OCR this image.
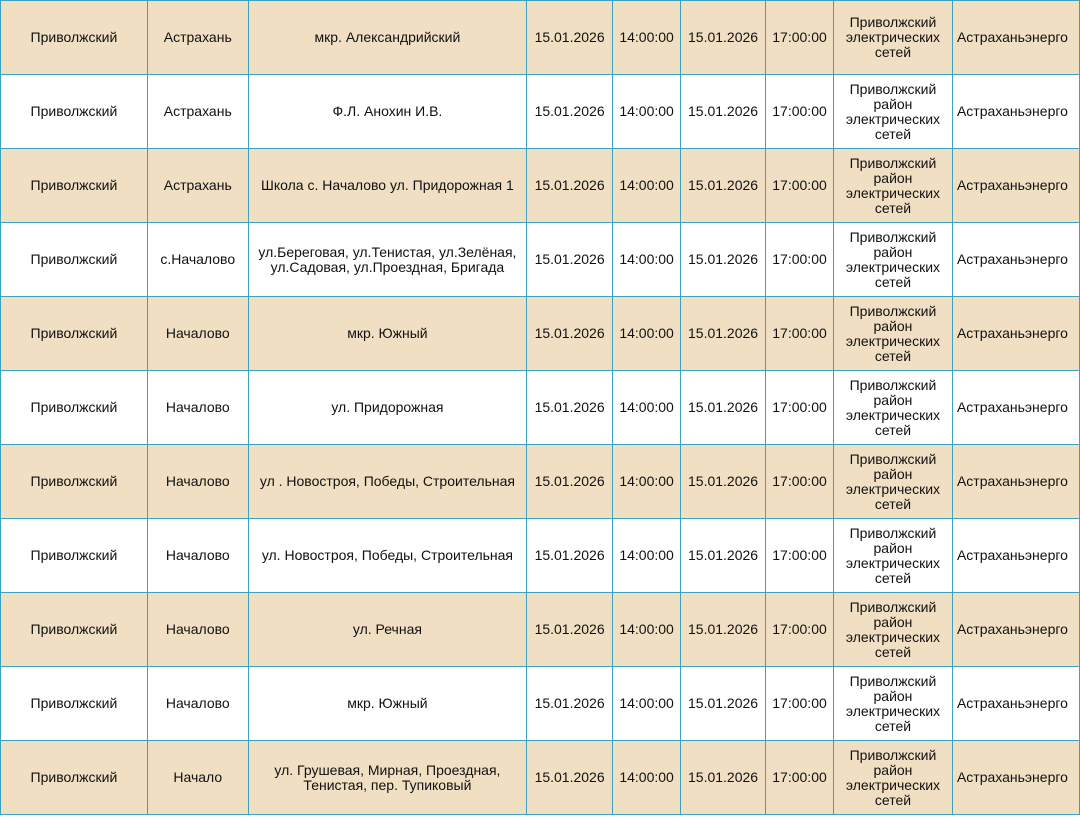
Приволжский	Астрахань	мкр. Александрийский	15.01.2026	14:00:00	15.01.2026	17:00:00	Приволжский электрических сетей	Астраханьэнерго
Приволжский	Астрахань	Ф.Л. Анохин И.В.	15.01.2026	14:00:00	15.01.2026	17:00:00	Приволжский район электрических сетей	Астраханьэнерго
Приволжский	Астрахань	Школа с. Началово ул. Придорожная 1	15.01.2026	14:00:00	15.01.2026	17:00:00	Приволжский район электрических сетей	Астраханьэнерго
Приволжский	с.Началово	ул.Береговая, ул.Тенистая, ул.Зелёная, ул.Садовая, ул.Проездная, Бригада	15.01.2026	14:00:00	15.01.2026	17:00:00	Приволжский район электрических сетей	Астраханьэнерго
Приволжский	Началово	мкр. Южный	15.01.2026	14:00:00	15.01.2026	17:00:00	Приволжский район электрических сетей	Астраханьэнерго
Приволжский	Началово	ул. Придорожная	15.01.2026	14:00:00	15.01.2026	17:00:00	Приволжский район электрических сетей	Астраханьэнерго
Приволжский	Началово	ул . Новостроя, Победы, Строительная	15.01.2026	14:00:00	15.01.2026	17:00:00	Приволжский район электрических сетей	Астраханьэнерго
Приволжский	Началово	ул. Новостроя, Победы, Строительная	15.01.2026	14:00:00	15.01.2026	17:00:00	Приволжский район электрических сетей	Астраханьэнерго
Приволжский	Началово	ул. Речная	15.01.2026	14:00:00	15.01.2026	17:00:00	Приволжский район электрических сетей	Астраханьэнерго
Приволжский	Началово	мкр. Южный	15.01.2026	14:00:00	15.01.2026	17:00:00	Приволжский район электрических сетей	Астраханьэнерго
Приволжский	Начало	ул. Грушевая, Мирная, Проездная, Тенистая, пер. Тупиковый	15.01.2026	14:00:00	15.01.2026	17:00:00	Приволжский район электрических сетей	Астраханьэнерго
